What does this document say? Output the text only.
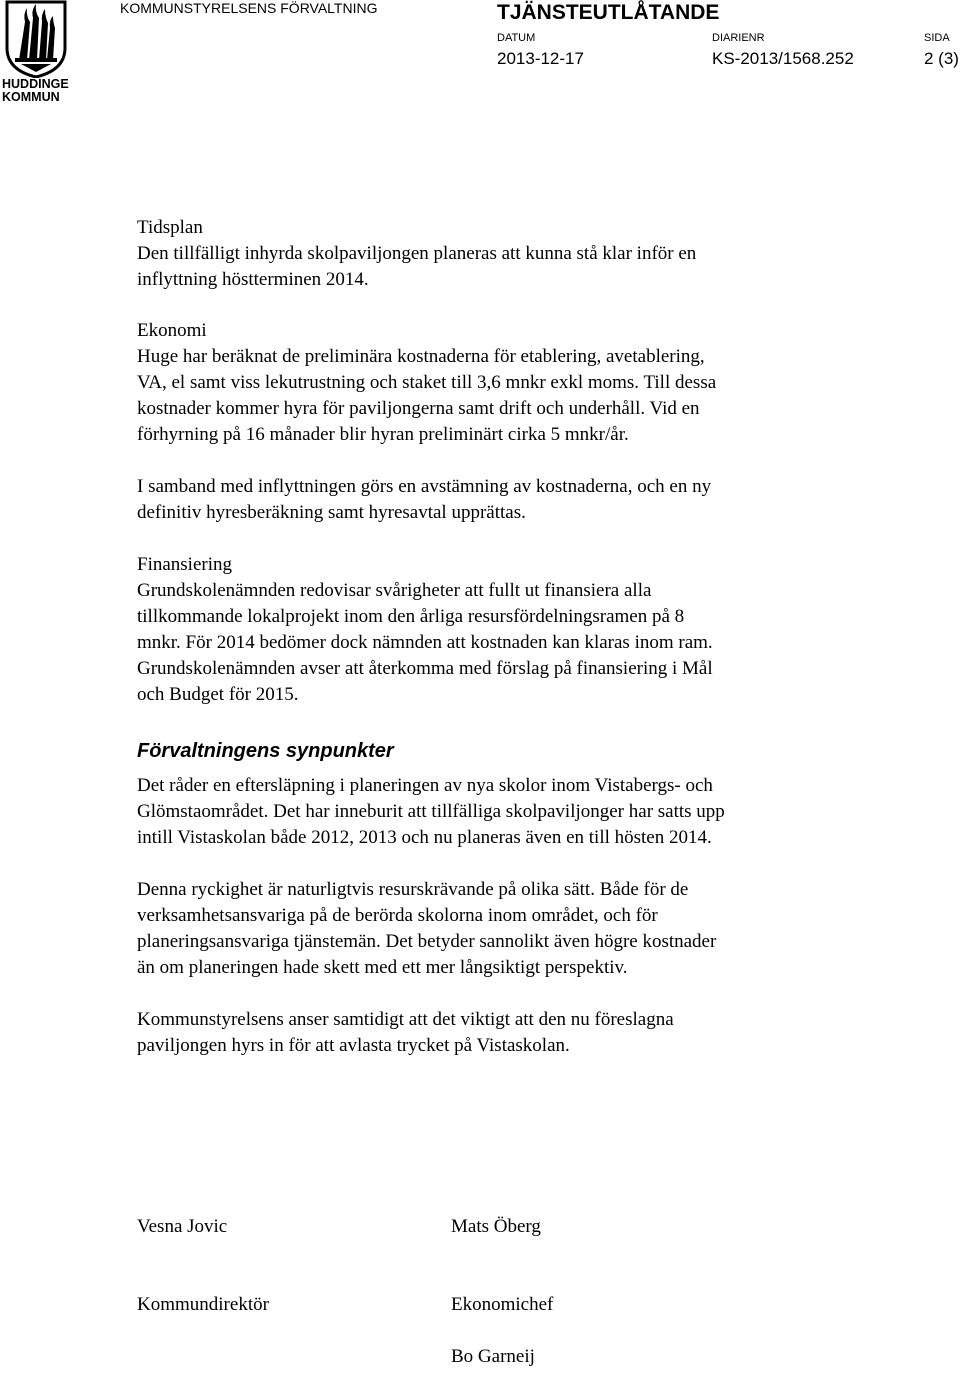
HUDDINGE
KOMMUN
KOMMUNSTYRELSENS FÖRVALTNING	TJÄNSTEUTLÅTANDE
DATUM	DIARIENR	SIDA
2013-12-17	KS-2013/1568.252	2 (3)

Tidsplan

Den tillfälligt inhyrda skolpaviljongen planeras att kunna stå klar inför en

inflyttning höstterminen 2014.

Ekonomi

Huge har beräknat de preliminära kostnaderna för etablering, avetablering,

VA, el samt viss lekutrustning och staket till 3,6 mnkr exkl moms. Till dessa

kostnader kommer hyra för paviljongerna samt drift och underhåll. Vid en

förhyrning på 16 månader blir hyran preliminärt cirka 5 mnkr/år.

I samband med inflyttningen görs en avstämning av kostnaderna, och en ny

definitiv hyresberäkning samt hyresavtal upprättas.

Finansiering

Grundskolenämnden redovisar svårigheter att fullt ut finansiera alla

tillkommande lokalprojekt inom den årliga resursfördelningsramen på 8

mnkr. För 2014 bedömer dock nämnden att kostnaden kan klaras inom ram.

Grundskolenämnden avser att återkomma med förslag på finansiering i Mål

och Budget för 2015.

Förvaltningens synpunkter

Det råder en eftersläpning i planeringen av nya skolor inom Vistabergs- och

Glömstaområdet. Det har inneburit att tillfälliga skolpaviljonger har satts upp

intill Vistaskolan både 2012, 2013 och nu planeras även en till hösten 2014.

Denna ryckighet är naturligtvis resurskrävande på olika sätt. Både för de

verksamhetsansvariga på de berörda skolorna inom området, och för

planeringsansvariga tjänstemän. Det betyder sannolikt även högre kostnader

än om planeringen hade skett med ett mer långsiktigt perspektiv.

Kommunstyrelsens anser samtidigt att det viktigt att den nu föreslagna

paviljongen hyrs in för att avlasta trycket på Vistaskolan.

Vesna Jovic

Kommundirektör

Mats Öberg

Ekonomichef

Bo Garneij
